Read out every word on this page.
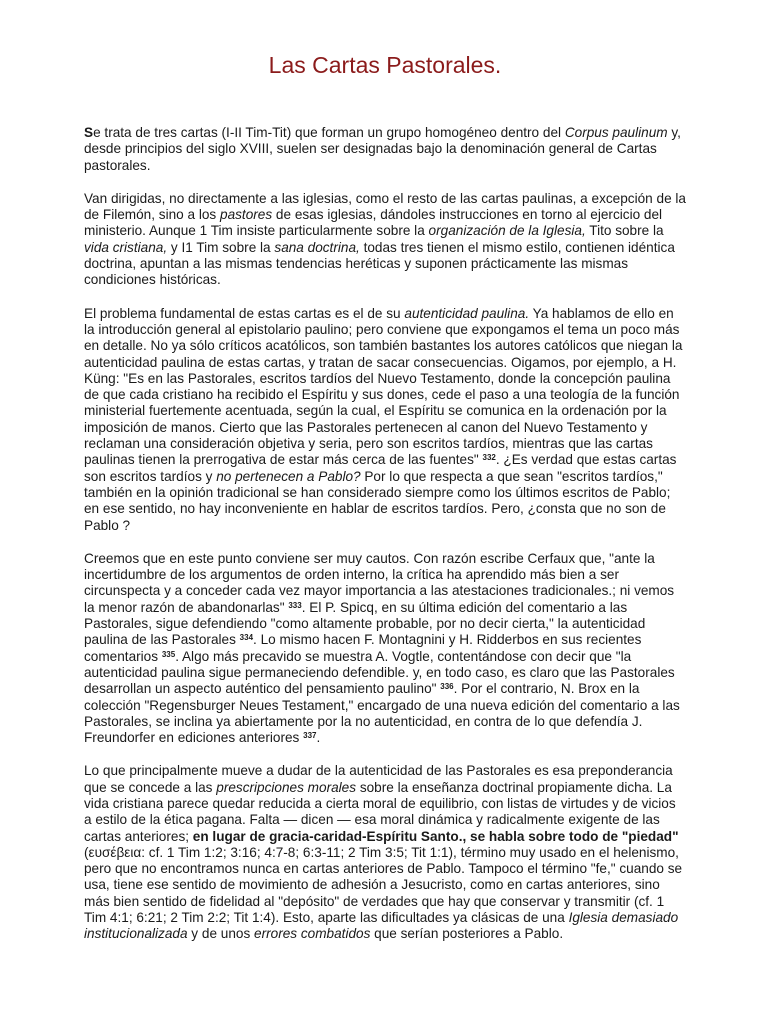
Las Cartas Pastorales.

Se trata de tres cartas (I-II Tim-Tit) que forman un grupo homogéneo dentro del Corpus paulinum y, desde principios del siglo XVIII, suelen ser designadas bajo la denominación general de Cartas pastorales.

Van dirigidas, no directamente a las iglesias, como el resto de las cartas paulinas, a excepción de la de Filemón, sino a los pastores de esas iglesias, dándoles instrucciones en torno al ejercicio del ministerio. Aunque 1 Tim insiste particularmente sobre la organización de la Iglesia, Tito sobre la vida cristiana, y I1 Tim sobre la sana doctrina, todas tres tienen el mismo estilo, contienen idéntica doctrina, apuntan a las mismas tendencias heréticas y suponen prácticamente las mismas condiciones históricas.

El problema fundamental de estas cartas es el de su autenticidad paulina. Ya hablamos de ello en la introducción general al epistolario paulino; pero conviene que expongamos el tema un poco más en detalle. No ya sólo críticos acatólicos, son también bastantes los autores católicos que niegan la autenticidad paulina de estas cartas, y tratan de sacar consecuencias. Oigamos, por ejemplo, a H. Küng: "Es en las Pastorales, escritos tardíos del Nuevo Testamento, donde la concepción paulina de que cada cristiano ha recibido el Espíritu y sus dones, cede el paso a una teología de la función ministerial fuertemente acentuada, según la cual, el Espíritu se comunica en la ordenación por la imposición de manos. Cierto que las Pastorales pertenecen al canon del Nuevo Testamento y reclaman una consideración objetiva y seria, pero son escritos tardíos, mientras que las cartas paulinas tienen la prerrogativa de estar más cerca de las fuentes" $^{332}$. ¿Es verdad que estas cartas son escritos tardíos y no pertenecen a Pablo? Por lo que respecta a que sean "escritos tardíos," también en la opinión tradicional se han considerado siempre como los últimos escritos de Pablo; en ese sentido, no hay inconveniente en hablar de escritos tardíos. Pero, ¿consta que no son de Pablo ?

Creemos que en este punto conviene ser muy cautos. Con razón escribe Cerfaux que, "ante la incertidumbre de los argumentos de orden interno, la crítica ha aprendido más bien a ser circunspecta y a conceder cada vez mayor importancia a las atestaciones tradicionales.; ni vemos la menor razón de abandonarlas" $^{333}$. El P. Spicq, en su última edición del comentario a las Pastorales, sigue defendiendo "como altamente probable, por no decir cierta," la autenticidad paulina de las Pastorales $^{334}$. Lo mismo hacen F. Montagnini y H. Ridderbos en sus recientes comentarios $^{335}$. Algo más precavido se muestra A. Vogtle, contentándose con decir que "la autenticidad paulina sigue permaneciendo defendible. y, en todo caso, es claro que las Pastorales desarrollan un aspecto auténtico del pensamiento paulino" $^{336}$. Por el contrario, N. Brox en la colección "Regensburger Neues Testament," encargado de una nueva edición del comentario a las Pastorales, se inclina ya abiertamente por la no autenticidad, en contra de lo que defendía J. Freundorfer en ediciones anteriores $^{337}$.

Lo que principalmente mueve a dudar de la autenticidad de las Pastorales es esa preponderancia que se concede a las prescripciones morales sobre la enseñanza doctrinal propiamente dicha. La vida cristiana parece quedar reducida a cierta moral de equilibrio, con listas de virtudes y de vicios a estilo de la ética pagana. Falta — dicen — esa moral dinámica y radicalmente exigente de las cartas anteriores; en lugar de gracia-caridad-Espíritu Santo., se habla sobre todo de "piedad" (ευσέβεια: cf. 1 Tim 1:2; 3:16; 4:7-8; 6:3-11; 2 Tim 3:5; Tit 1:1), término muy usado en el helenismo, pero que no encontramos nunca en cartas anteriores de Pablo. Tampoco el término "fe," cuando se usa, tiene ese sentido de movimiento de adhesión a Jesucristo, como en cartas anteriores, sino más bien sentido de fidelidad al "depósito" de verdades que hay que conservar y transmitir (cf. 1 Tim 4:1; 6:21; 2 Tim 2:2; Tit 1:4). Esto, aparte las dificultades ya clásicas de una Iglesia demasiado institucionalizada y de unos errores combatidos que serían posteriores a Pablo.
